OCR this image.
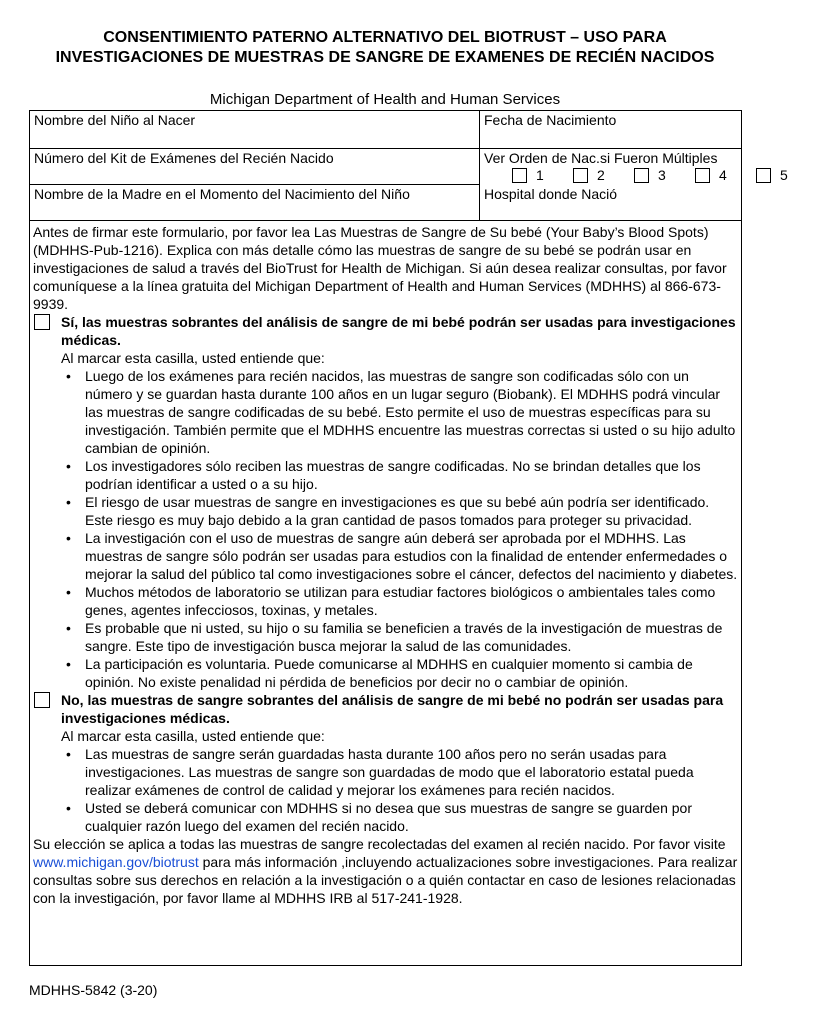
CONSENTIMIENTO PATERNO ALTERNATIVO DEL BIOTRUST – USO PARA INVESTIGACIONES DE MUESTRAS DE SANGRE DE EXAMENES DE RECIÉN NACIDOS
Michigan Department of Health and Human Services
Nombre del Niño al Nacer	Fecha de Nacimiento
Número del Kit de Exámenes del Recién Nacido	Ver Orden de Nac.si Fueron Múltiples
1	2	3	4	5
Nombre de la Madre en el Momento del Nacimiento del Niño	Hospital donde Nació

Antes de firmar este formulario, por favor lea Las Muestras de Sangre de Su bebé (Your Baby’s Blood Spots) (MDHHS-Pub-1216). Explica con más detalle cómo las muestras de sangre de su bebé se podrán usar en investigaciones de salud a través del BioTrust for Health de Michigan. Si aún desea realizar consultas, por favor comuníquese a la línea gratuita del Michigan Department of Health and Human Services (MDHHS) al 866-673-9939.

Sí, las muestras sobrantes del análisis de sangre de mi bebé podrán ser usadas para investigaciones médicas.
Al marcar esta casilla, usted entiende que:
• Luego de los exámenes para recién nacidos, las muestras de sangre son codificadas sólo con un número y se guardan hasta durante 100 años en un lugar seguro (Biobank). El MDHHS podrá vincular las muestras de sangre codificadas de su bebé. Esto permite el uso de muestras específicas para su investigación. También permite que el MDHHS encuentre las muestras correctas si usted o su hijo adulto cambian de opinión.
• Los investigadores sólo reciben las muestras de sangre codificadas. No se brindan detalles que los podrían identificar a usted o a su hijo.
• El riesgo de usar muestras de sangre en investigaciones es que su bebé aún podría ser identificado. Este riesgo es muy bajo debido a la gran cantidad de pasos tomados para proteger su privacidad.
• La investigación con el uso de muestras de sangre aún deberá ser aprobada por el MDHHS. Las muestras de sangre sólo podrán ser usadas para estudios con la finalidad de entender enfermedades o mejorar la salud del público tal como investigaciones sobre el cáncer, defectos del nacimiento y diabetes.
• Muchos métodos de laboratorio se utilizan para estudiar factores biológicos o ambientales tales como genes, agentes infecciosos, toxinas, y metales.
• Es probable que ni usted, su hijo o su familia se beneficien a través de la investigación de muestras de sangre. Este tipo de investigación busca mejorar la salud de las comunidades.
• La participación es voluntaria. Puede comunicarse al MDHHS en cualquier momento si cambia de opinión. No existe penalidad ni pérdida de beneficios por decir no o cambiar de opinión.
No, las muestras de sangre sobrantes del análisis de sangre de mi bebé no podrán ser usadas para investigaciones médicas.
Al marcar esta casilla, usted entiende que:
• Las muestras de sangre serán guardadas hasta durante 100 años pero no serán usadas para investigaciones. Las muestras de sangre son guardadas de modo que el laboratorio estatal pueda realizar exámenes de control de calidad y mejorar los exámenes para recién nacidos.
• Usted se deberá comunicar con MDHHS si no desea que sus muestras de sangre se guarden por cualquier razón luego del examen del recién nacido.

Su elección se aplica a todas las muestras de sangre recolectadas del examen al recién nacido. Por favor visite www.michigan.gov/biotrust para más información ,incluyendo actualizaciones sobre investigaciones. Para realizar consultas sobre sus derechos en relación a la investigación o a quién contactar en caso de lesiones relacionadas con la investigación, por favor llame al MDHHS IRB al 517-241-1928.

MDHHS-5842 (3-20)
